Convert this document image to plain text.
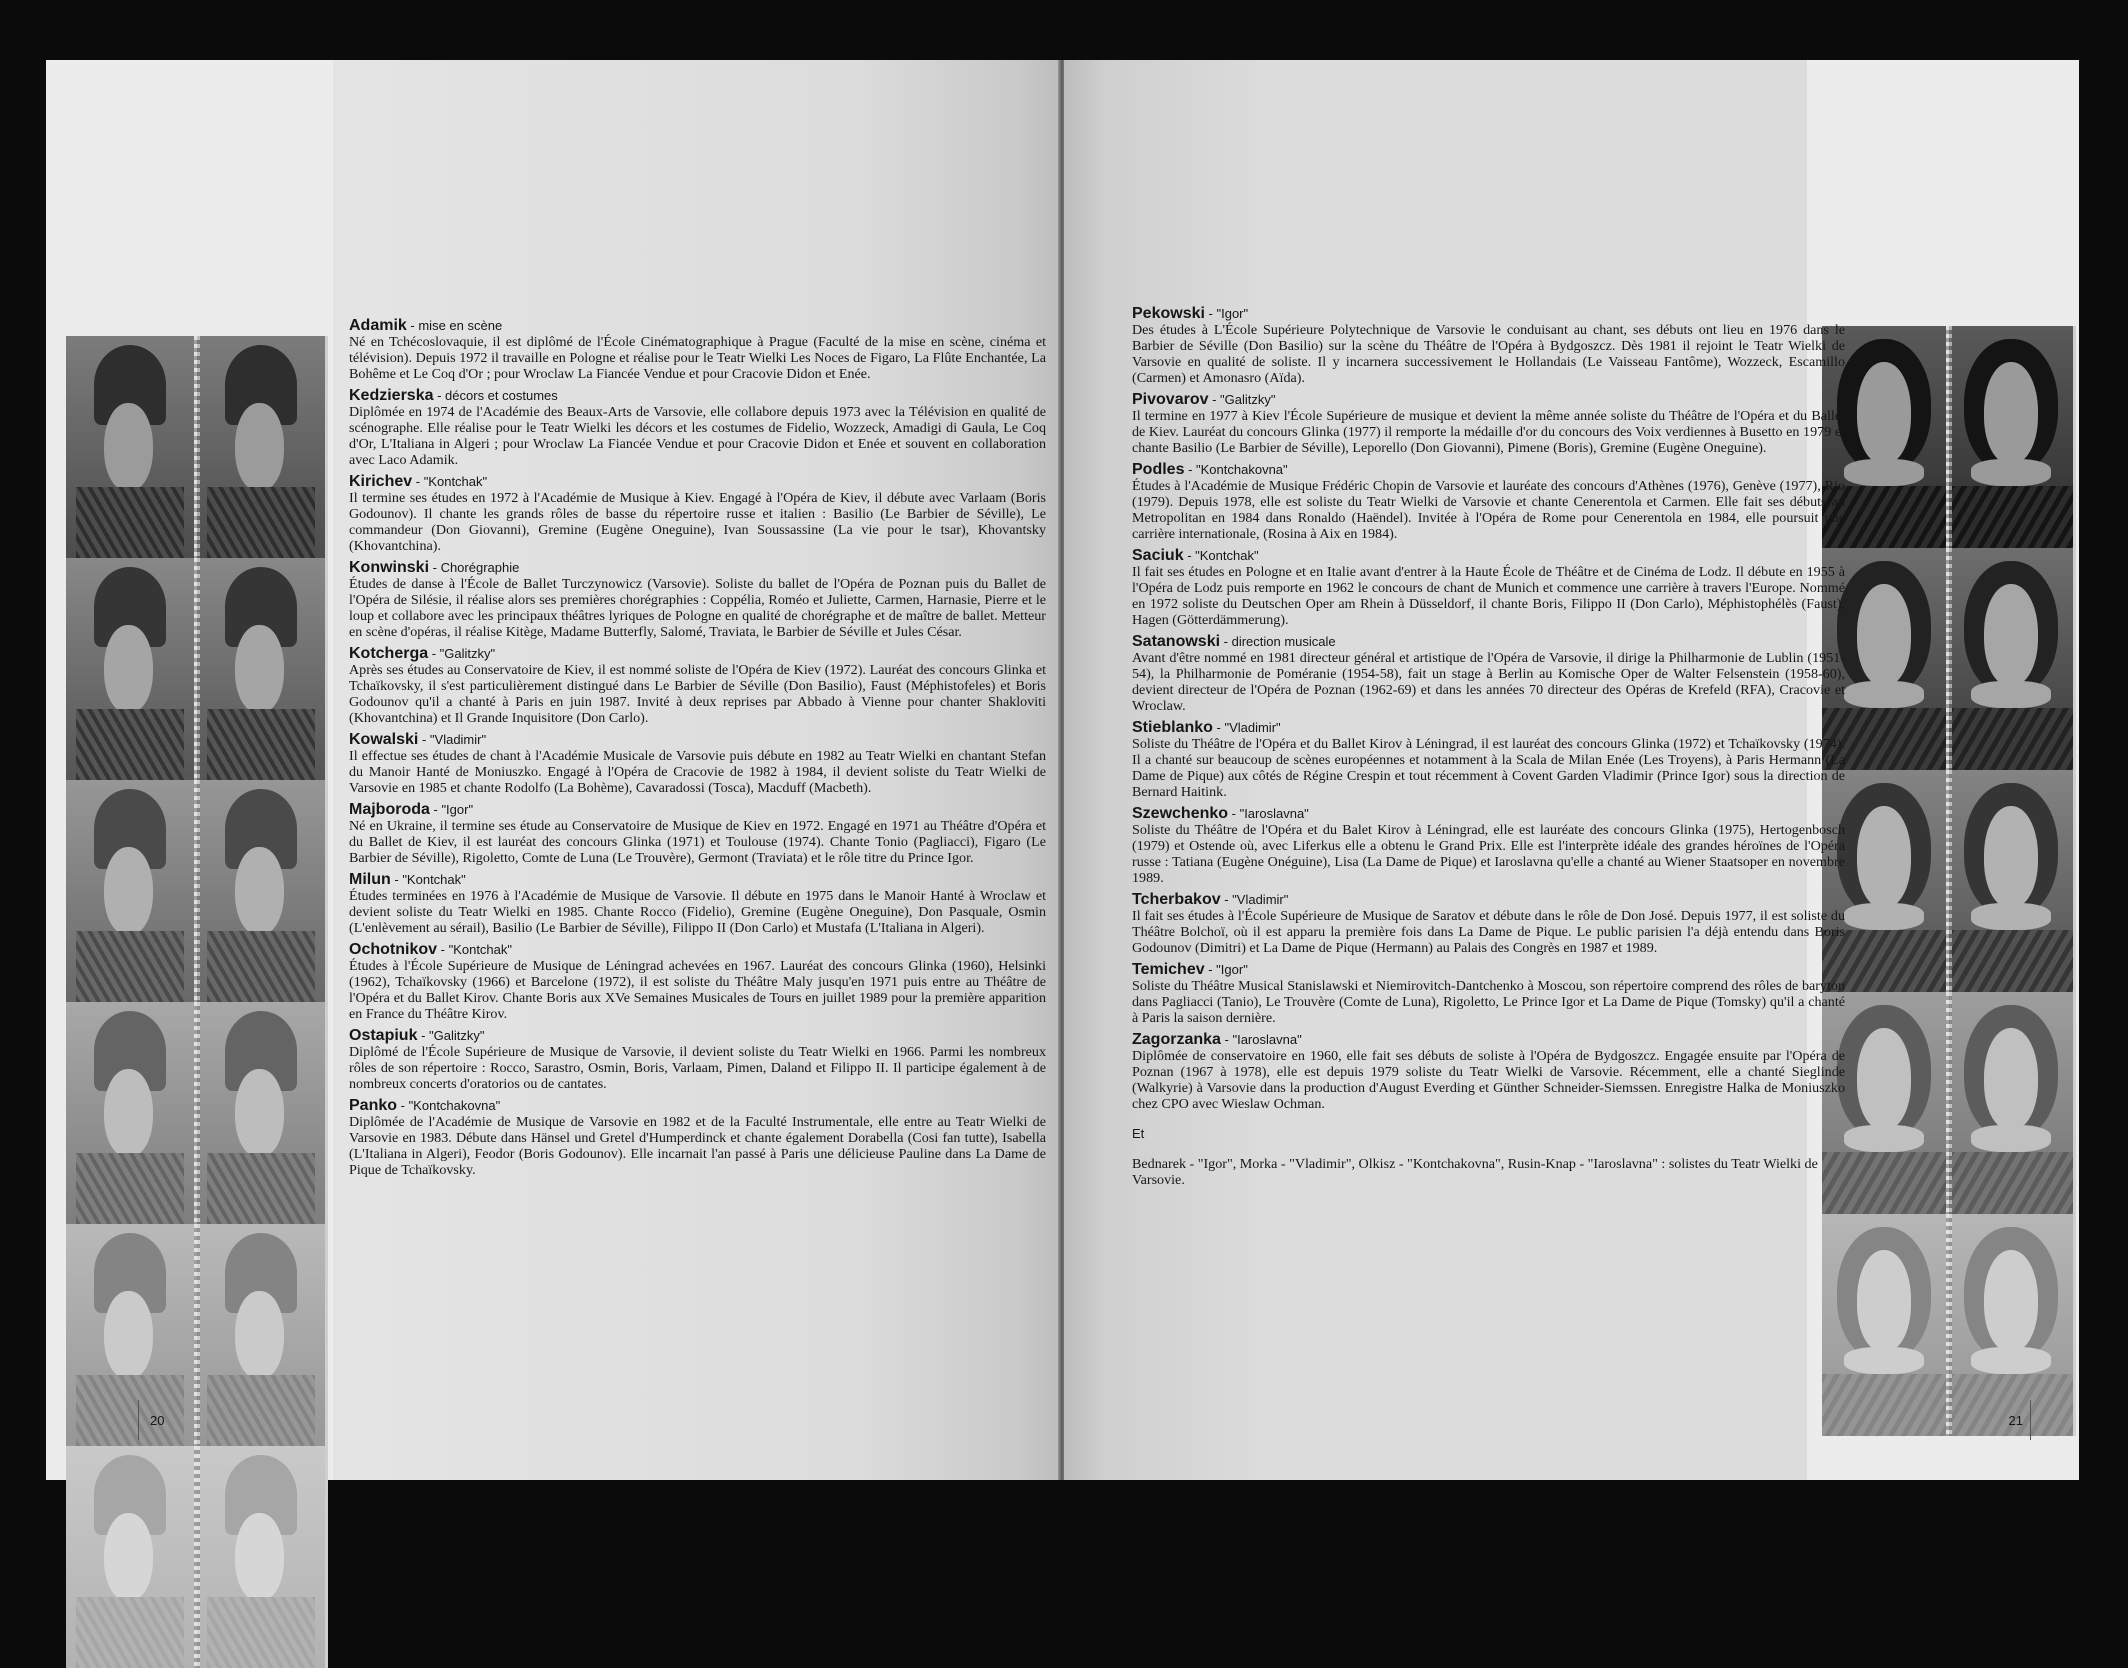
Adamik - mise en scène
Né en Tchécoslovaquie, il est diplômé de l'École Cinématographique à Prague (Faculté de la mise en scène, cinéma et télévision). Depuis 1972 il travaille en Pologne et réalise pour le Teatr Wielki Les Noces de Figaro, La Flûte Enchantée, La Bohême et Le Coq d'Or ; pour Wroclaw La Fiancée Vendue et pour Cracovie Didon et Enée.
Kedzierska - décors et costumes
Diplômée en 1974 de l'Académie des Beaux-Arts de Varsovie, elle collabore depuis 1973 avec la Télévision en qualité de scénographe. Elle réalise pour le Teatr Wielki les décors et les costumes de Fidelio, Wozzeck, Amadigi di Gaula, Le Coq d'Or, L'Italiana in Algeri ; pour Wroclaw La Fiancée Vendue et pour Cracovie Didon et Enée et souvent en collaboration avec Laco Adamik.
Kirichev - "Kontchak"
Il termine ses études en 1972 à l'Académie de Musique à Kiev. Engagé à l'Opéra de Kiev, il débute avec Varlaam (Boris Godounov). Il chante les grands rôles de basse du répertoire russe et italien : Basilio (Le Barbier de Séville), Le commandeur (Don Giovanni), Gremine (Eugène Oneguine), Ivan Soussassine (La vie pour le tsar), Khovantsky (Khovantchina).
Konwinski - Chorégraphie
Études de danse à l'École de Ballet Turczynowicz (Varsovie). Soliste du ballet de l'Opéra de Poznan puis du Ballet de l'Opéra de Silésie, il réalise alors ses premières chorégraphies : Coppélia, Roméo et Juliette, Carmen, Harnasie, Pierre et le loup et collabore avec les principaux théâtres lyriques de Pologne en qualité de chorégraphe et de maître de ballet. Metteur en scène d'opéras, il réalise Kitège, Madame Butterfly, Salomé, Traviata, le Barbier de Séville et Jules César.
Kotcherga - "Galitzky"
Après ses études au Conservatoire de Kiev, il est nommé soliste de l'Opéra de Kiev (1972). Lauréat des concours Glinka et Tchaïkovsky, il s'est particulièrement distingué dans Le Barbier de Séville (Don Basilio), Faust (Méphistofeles) et Boris Godounov qu'il a chanté à Paris en juin 1987. Invité à deux reprises par Abbado à Vienne pour chanter Shakloviti (Khovantchina) et Il Grande Inquisitore (Don Carlo).
Kowalski - "Vladimir"
Il effectue ses études de chant à l'Académie Musicale de Varsovie puis débute en 1982 au Teatr Wielki en chantant Stefan du Manoir Hanté de Moniuszko. Engagé à l'Opéra de Cracovie de 1982 à 1984, il devient soliste du Teatr Wielki de Varsovie en 1985 et chante Rodolfo (La Bohème), Cavaradossi (Tosca), Macduff (Macbeth).
Majboroda - "Igor"
Né en Ukraine, il termine ses étude au Conservatoire de Musique de Kiev en 1972. Engagé en 1971 au Théâtre d'Opéra et du Ballet de Kiev, il est lauréat des concours Glinka (1971) et Toulouse (1974). Chante Tonio (Pagliacci), Figaro (Le Barbier de Séville), Rigoletto, Comte de Luna (Le Trouvère), Germont (Traviata) et le rôle titre du Prince Igor.
Milun - "Kontchak"
Études terminées en 1976 à l'Académie de Musique de Varsovie. Il débute en 1975 dans le Manoir Hanté à Wroclaw et devient soliste du Teatr Wielki en 1985. Chante Rocco (Fidelio), Gremine (Eugène Oneguine), Don Pasquale, Osmin (L'enlèvement au sérail), Basilio (Le Barbier de Séville), Filippo II (Don Carlo) et Mustafa (L'Italiana in Algeri).
Ochotnikov - "Kontchak"
Études à l'École Supérieure de Musique de Léningrad achevées en 1967. Lauréat des concours Glinka (1960), Helsinki (1962), Tchaïkovsky (1966) et Barcelone (1972), il est soliste du Théâtre Maly jusqu'en 1971 puis entre au Théâtre de l'Opéra et du Ballet Kirov. Chante Boris aux XVe Semaines Musicales de Tours en juillet 1989 pour la première apparition en France du Théâtre Kirov.
Ostapiuk - "Galitzky"
Diplômé de l'École Supérieure de Musique de Varsovie, il devient soliste du Teatr Wielki en 1966. Parmi les nombreux rôles de son répertoire : Rocco, Sarastro, Osmin, Boris, Varlaam, Pimen, Daland et Filippo II. Il participe également à de nombreux concerts d'oratorios ou de cantates.
Panko - "Kontchakovna"
Diplômée de l'Académie de Musique de Varsovie en 1982 et de la Faculté Instrumentale, elle entre au Teatr Wielki de Varsovie en 1983. Débute dans Hänsel und Gretel d'Humperdinck et chante également Dorabella (Cosi fan tutte), Isabella (L'Italiana in Algeri), Feodor (Boris Godounov). Elle incarnait l'an passé à Paris une délicieuse Pauline dans La Dame de Pique de Tchaïkovsky.
20
Pekowski - "Igor"
Des études à L'École Supérieure Polytechnique de Varsovie le conduisant au chant, ses débuts ont lieu en 1976 dans le Barbier de Séville (Don Basilio) sur la scène du Théâtre de l'Opéra à Bydgoszcz. Dès 1981 il rejoint le Teatr Wielki de Varsovie en qualité de soliste. Il y incarnera successivement le Hollandais (Le Vaisseau Fantôme), Wozzeck, Escamillo (Carmen) et Amonasro (Aïda).
Pivovarov - "Galitzky"
Il termine en 1977 à Kiev l'École Supérieure de musique et devient la même année soliste du Théâtre de l'Opéra et du Ballet de Kiev. Lauréat du concours Glinka (1977) il remporte la médaille d'or du concours des Voix verdiennes à Busetto en 1979 et chante Basilio (Le Barbier de Séville), Leporello (Don Giovanni), Pimene (Boris), Gremine (Eugène Oneguine).
Podles - "Kontchakovna"
Études à l'Académie de Musique Frédéric Chopin de Varsovie et lauréate des concours d'Athènes (1976), Genève (1977), Rio (1979). Depuis 1978, elle est soliste du Teatr Wielki de Varsovie et chante Cenerentola et Carmen. Elle fait ses débuts au Metropolitan en 1984 dans Ronaldo (Haëndel). Invitée à l'Opéra de Rome pour Cenerentola en 1984, elle poursuit une carrière internationale, (Rosina à Aix en 1984).
Saciuk - "Kontchak"
Il fait ses études en Pologne et en Italie avant d'entrer à la Haute École de Théâtre et de Cinéma de Lodz. Il débute en 1955 à l'Opéra de Lodz puis remporte en 1962 le concours de chant de Munich et commence une carrière à travers l'Europe. Nommé en 1972 soliste du Deutschen Oper am Rhein à Düsseldorf, il chante Boris, Filippo II (Don Carlo), Méphistophélès (Faust), Hagen (Götterdämmerung).
Satanowski - direction musicale
Avant d'être nommé en 1981 directeur général et artistique de l'Opéra de Varsovie, il dirige la Philharmonie de Lublin (1951-54), la Philharmonie de Poméranie (1954-58), fait un stage à Berlin au Komische Oper de Walter Felsenstein (1958-60), devient directeur de l'Opéra de Poznan (1962-69) et dans les années 70 directeur des Opéras de Krefeld (RFA), Cracovie et Wroclaw.
Stieblanko - "Vladimir"
Soliste du Théâtre de l'Opéra et du Ballet Kirov à Léningrad, il est lauréat des concours Glinka (1972) et Tchaïkovsky (1974). Il a chanté sur beaucoup de scènes européennes et notamment à la Scala de Milan Enée (Les Troyens), à Paris Hermann (La Dame de Pique) aux côtés de Régine Crespin et tout récemment à Covent Garden Vladimir (Prince Igor) sous la direction de Bernard Haitink.
Szewchenko - "Iaroslavna"
Soliste du Théâtre de l'Opéra et du Balet Kirov à Léningrad, elle est lauréate des concours Glinka (1975), Hertogenbosch (1979) et Ostende où, avec Liferkus elle a obtenu le Grand Prix. Elle est l'interprète idéale des grandes héroïnes de l'Opéra russe : Tatiana (Eugène Onéguine), Lisa (La Dame de Pique) et Iaroslavna qu'elle a chanté au Wiener Staatsoper en novembre 1989.
Tcherbakov - "Vladimir"
Il fait ses études à l'École Supérieure de Musique de Saratov et débute dans le rôle de Don José. Depuis 1977, il est soliste du Théâtre Bolchoï, où il est apparu la première fois dans La Dame de Pique. Le public parisien l'a déjà entendu dans Boris Godounov (Dimitri) et La Dame de Pique (Hermann) au Palais des Congrès en 1987 et 1989.
Temichev - "Igor"
Soliste du Théâtre Musical Stanislawski et Niemirovitch-Dantchenko à Moscou, son répertoire comprend des rôles de baryton dans Pagliacci (Tanio), Le Trouvère (Comte de Luna), Rigoletto, Le Prince Igor et La Dame de Pique (Tomsky) qu'il a chanté à Paris la saison dernière.
Zagorzanka - "Iaroslavna"
Diplômée de conservatoire en 1960, elle fait ses débuts de soliste à l'Opéra de Bydgoszcz. Engagée ensuite par l'Opéra de Poznan (1967 à 1978), elle est depuis 1979 soliste du Teatr Wielki de Varsovie. Récemment, elle a chanté Sieglinde (Walkyrie) à Varsovie dans la production d'August Everding et Günther Schneider-Siemssen. Enregistre Halka de Moniuszko chez CPO avec Wieslaw Ochman.
Et
Bednarek - "Igor", Morka - "Vladimir", Olkisz - "Kontchakovna", Rusin-Knap - "Iaroslavna" : solistes du Teatr Wielki de Varsovie.
21
